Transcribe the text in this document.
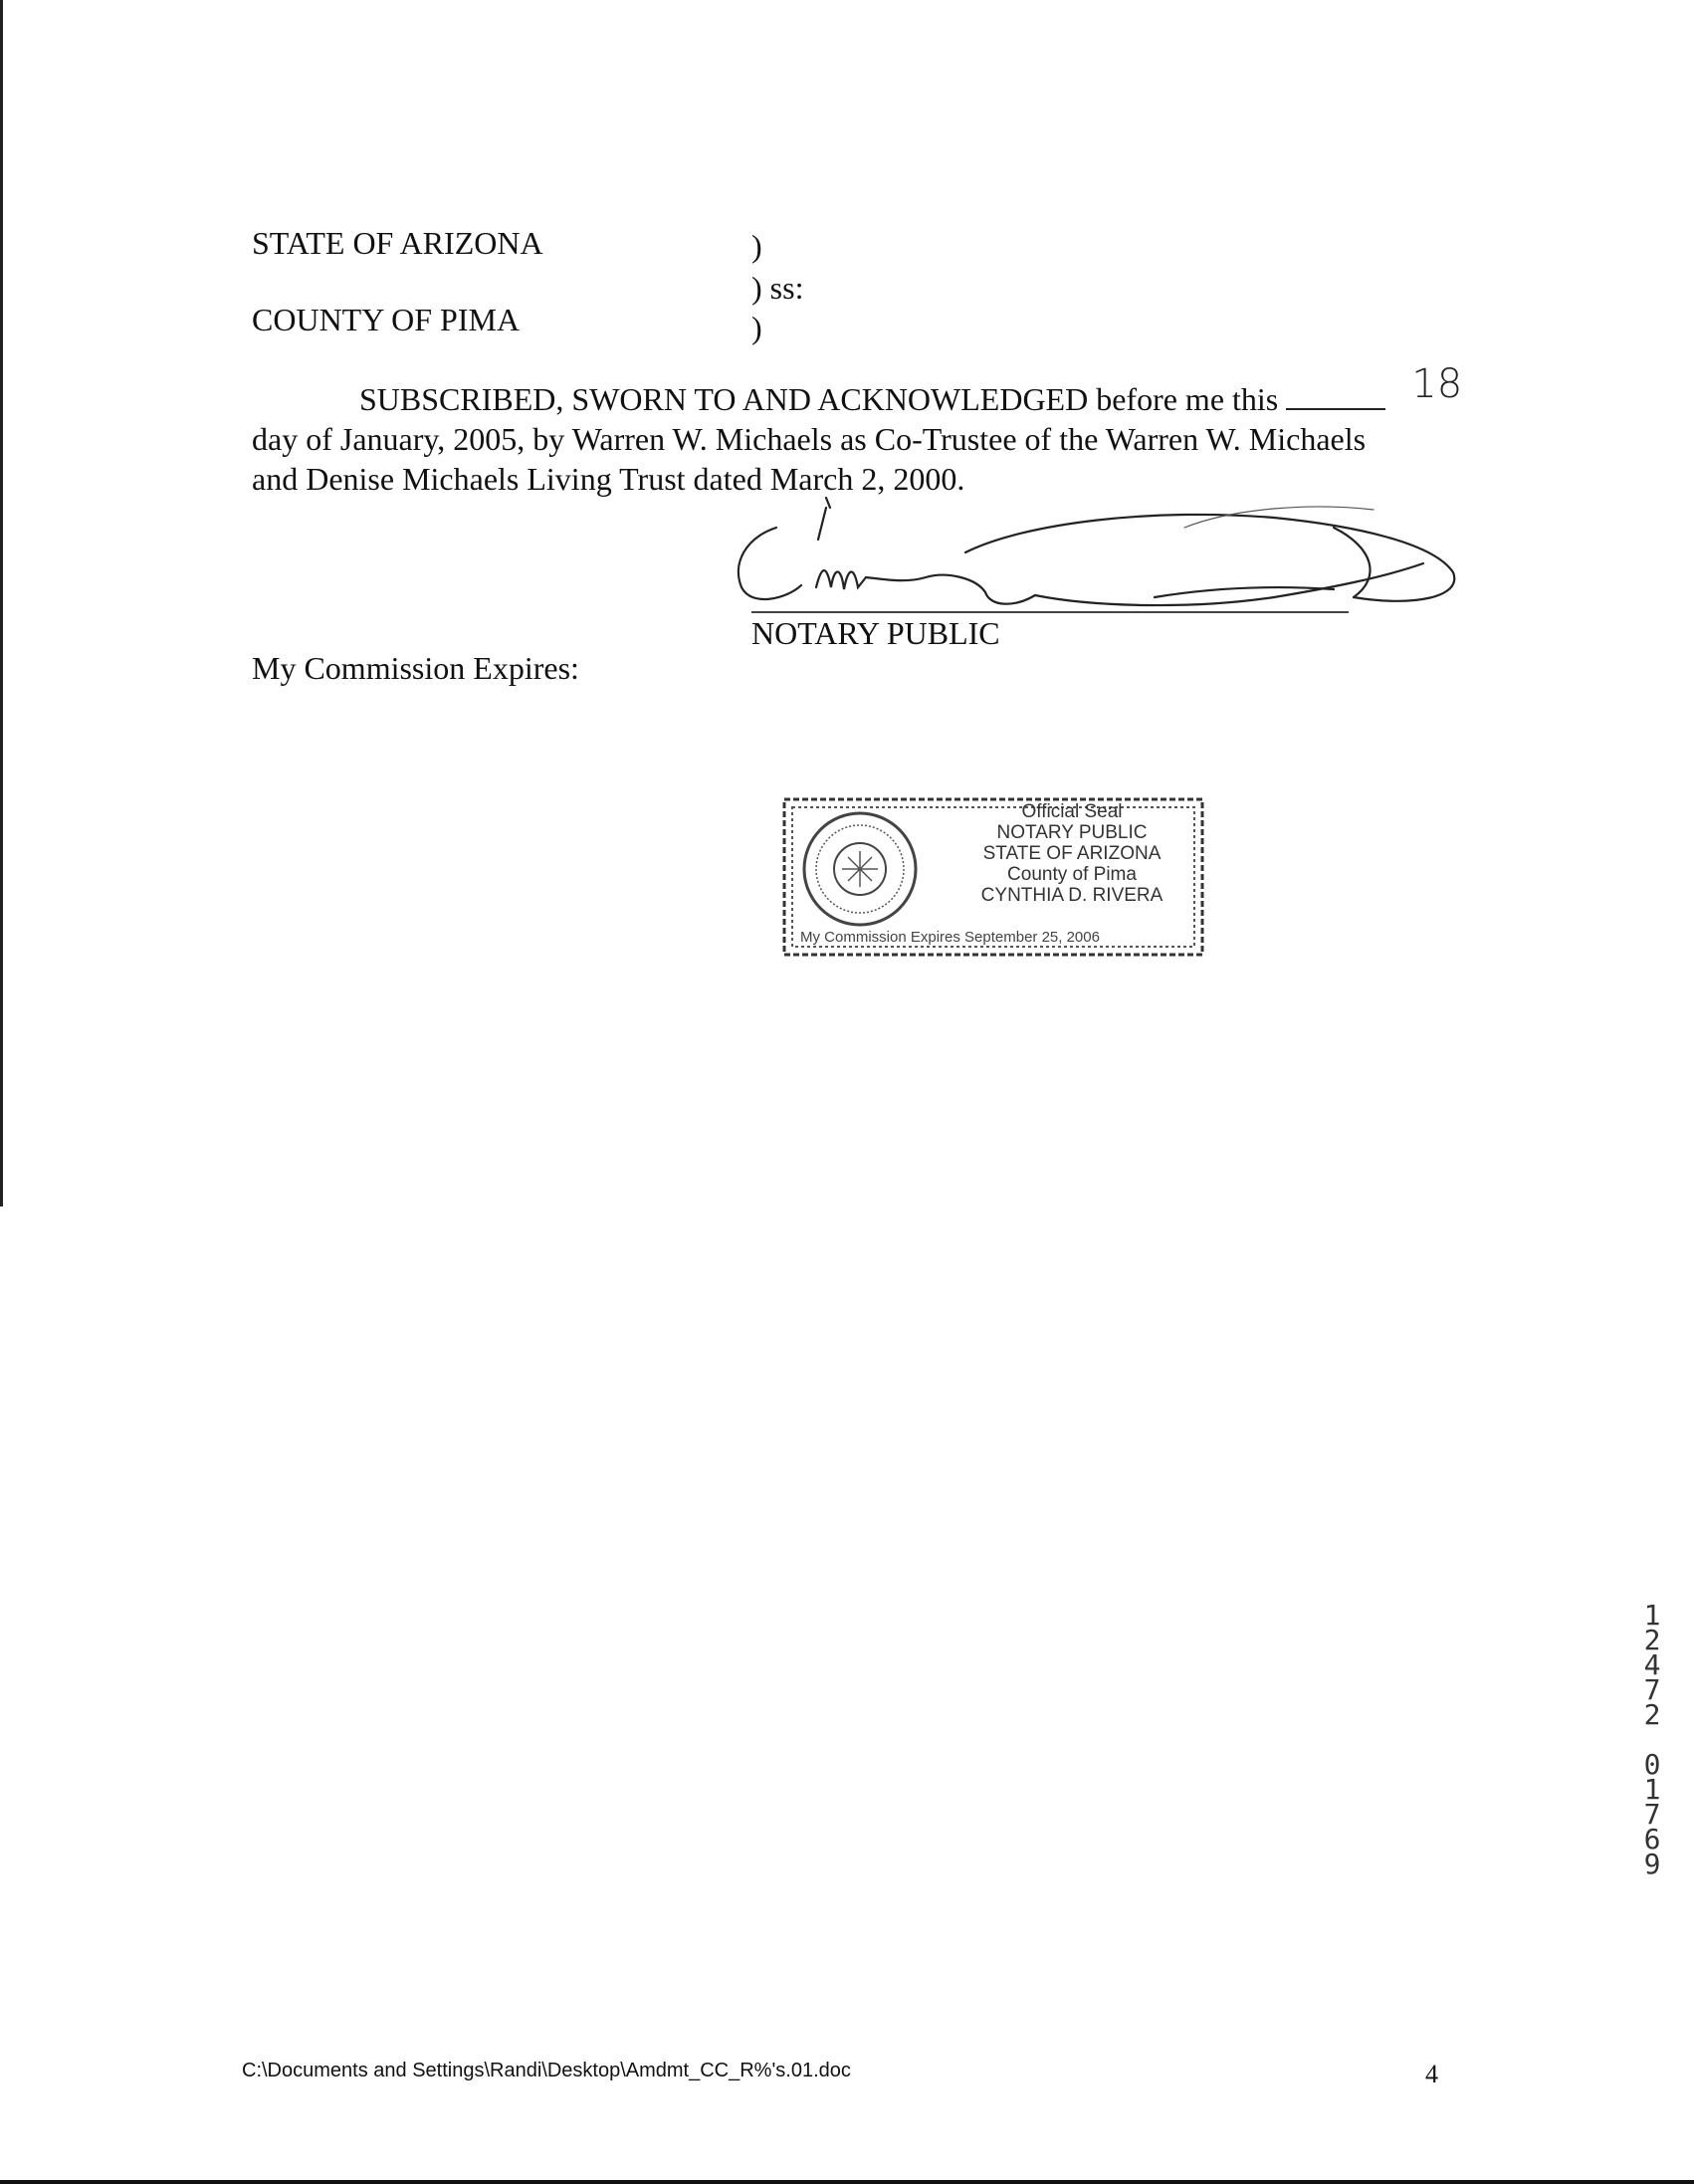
STATE OF ARIZONA
COUNTY OF PIMA
)
) ss:
)
SUBSCRIBED, SWORN TO AND ACKNOWLEDGED before me this	18
day of January, 2005, by Warren W. Michaels as Co-Trustee of the Warren W. Michaels
and Denise Michaels Living Trust dated March 2, 2000.
NOTARY PUBLIC
My Commission Expires:
Official Seal
NOTARY PUBLIC
STATE OF ARIZONA
County of Pima
CYNTHIA D. RIVERA
My Commission Expires September 25, 2006
1
2
4
7
2

0
1
7
6
9
C:\Documents and Settings\Randi\Desktop\Amdmt_CC_R%'s.01.doc	4
